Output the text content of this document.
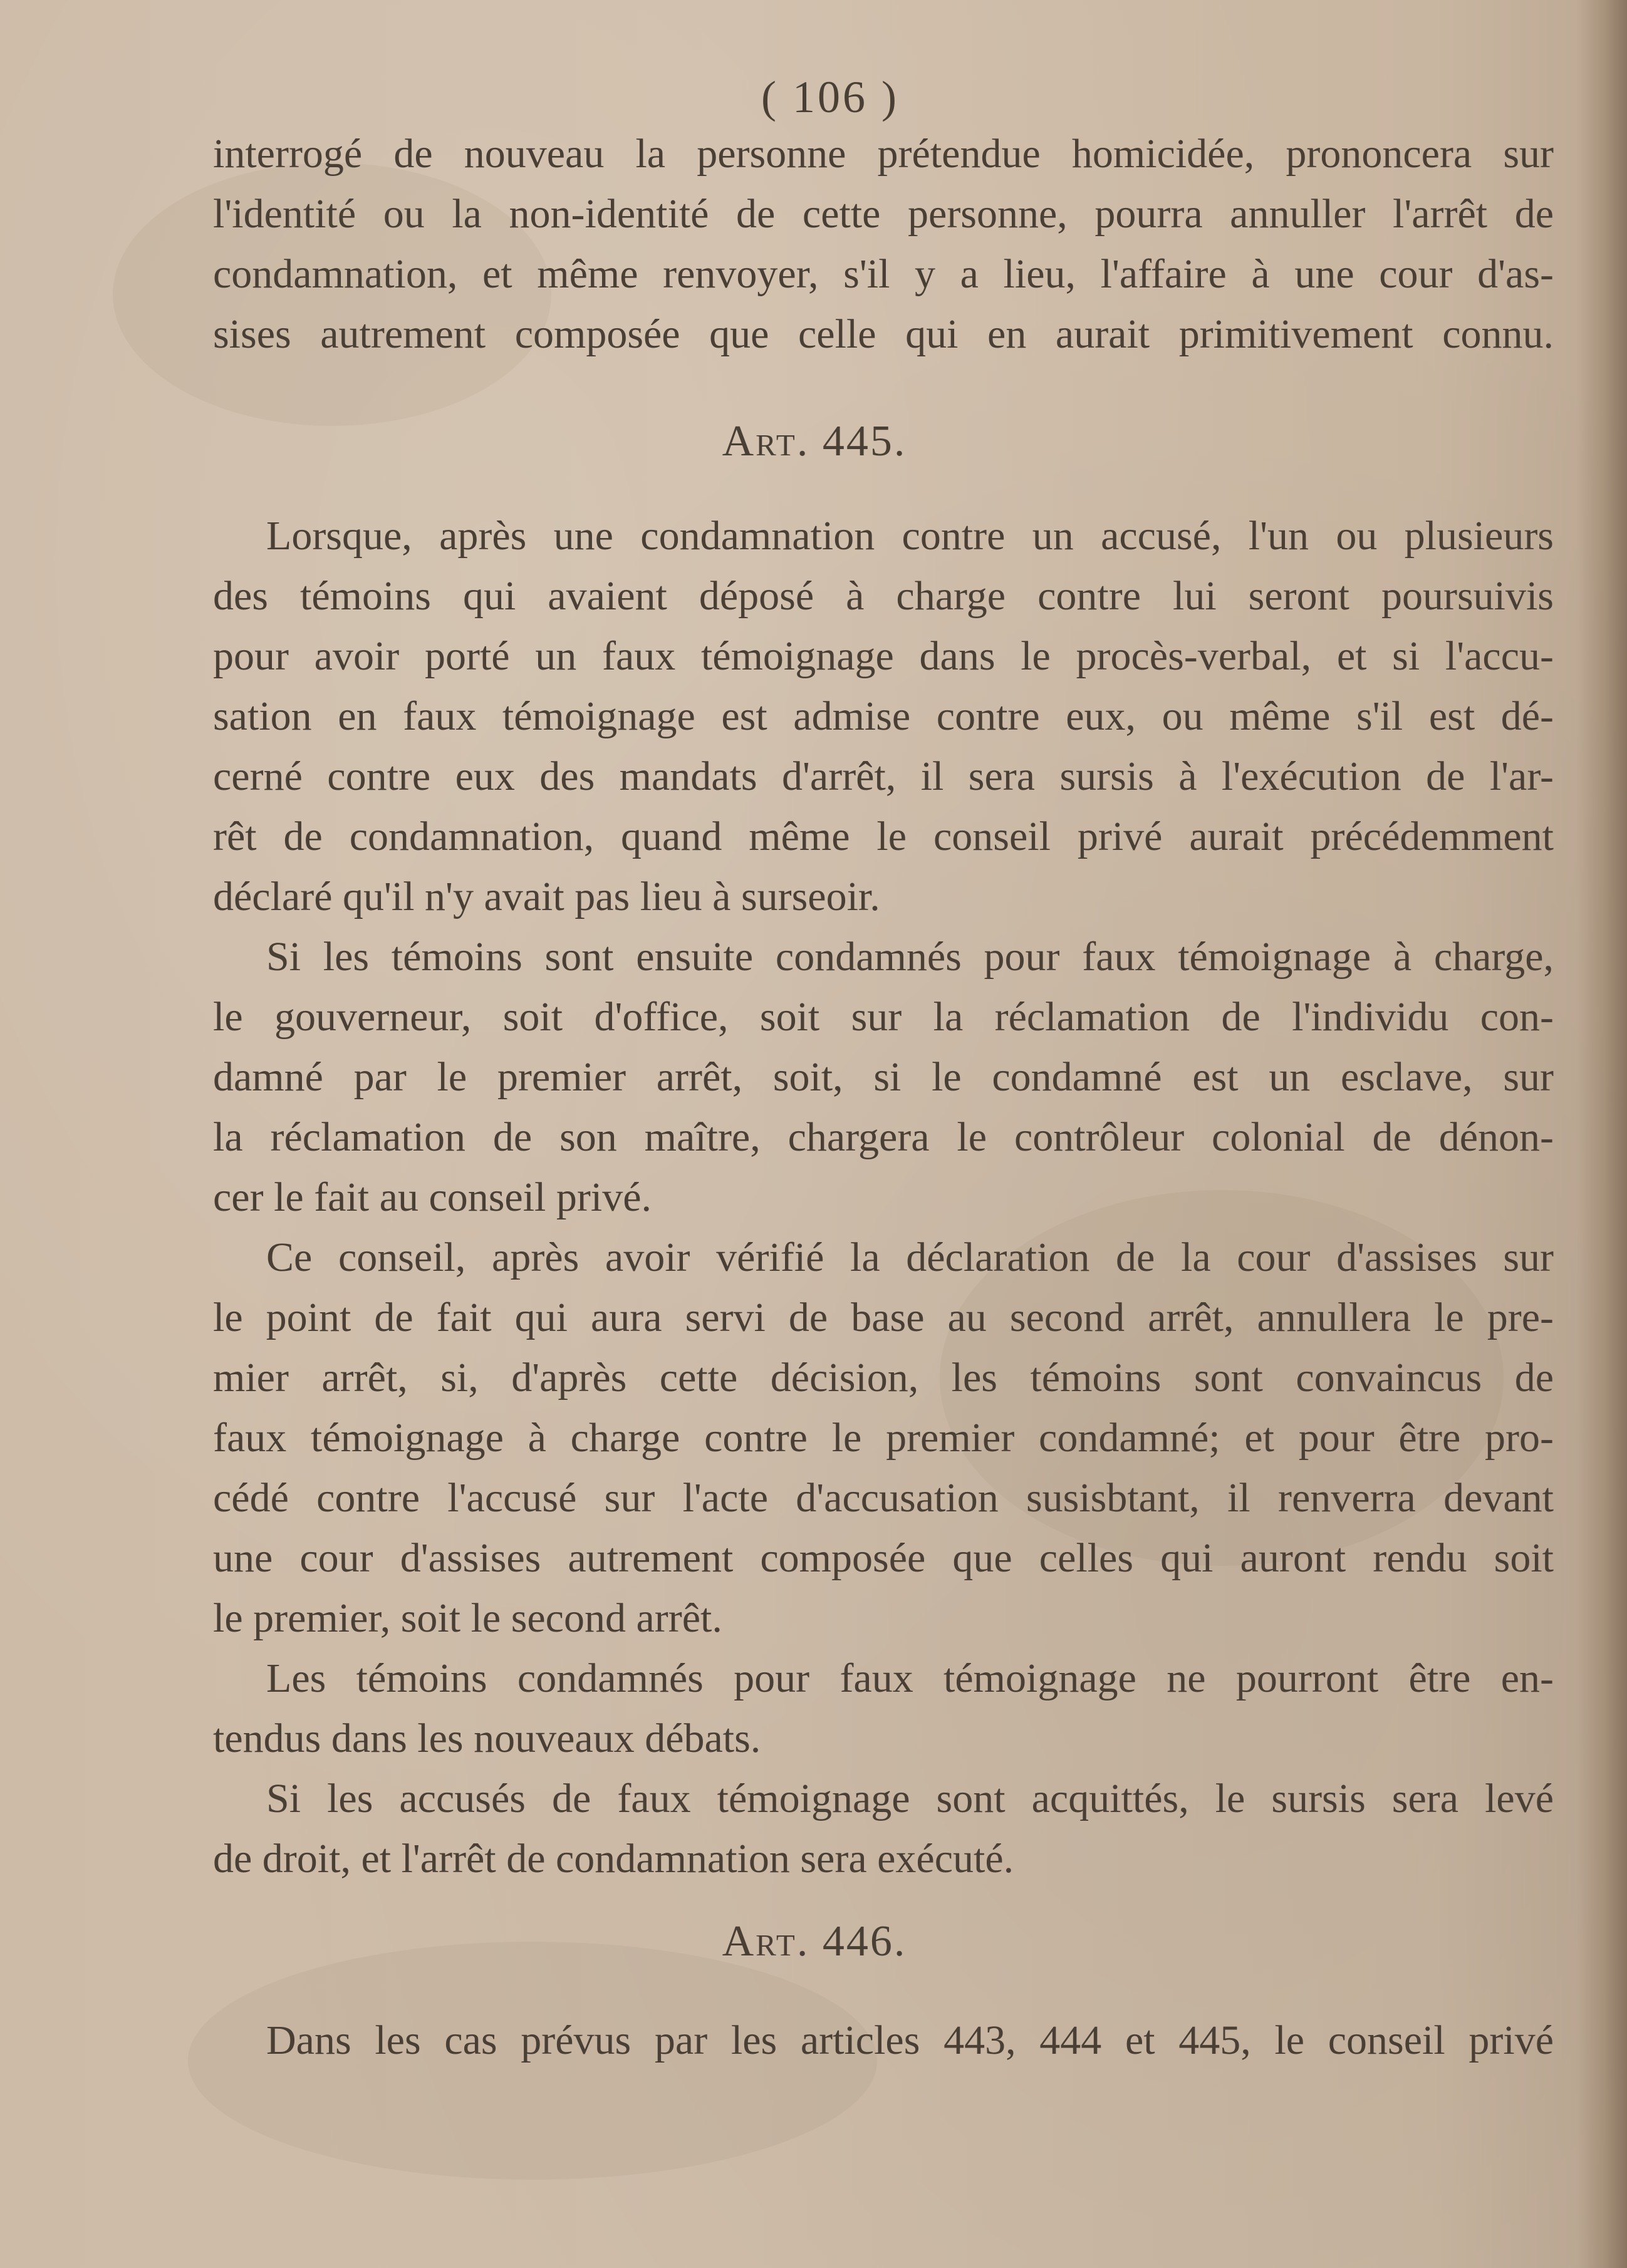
( 106 )
interrogé de nouveau la personne prétendue homicidée, prononcera sur
l'identité ou la non-identité de cette personne, pourra annuller l'arrêt de
condamnation, et même renvoyer, s'il y a lieu, l'affaire à une cour d'as-
sises autrement composée que celle qui en aurait primitivement connu.
Art. 445.
Lorsque, après une condamnation contre un accusé, l'un ou plusieurs
des témoins qui avaient déposé à charge contre lui seront poursuivis
pour avoir porté un faux témoignage dans le procès-verbal, et si l'accu-
sation en faux témoignage est admise contre eux, ou même s'il est dé-
cerné contre eux des mandats d'arrêt, il sera sursis à l'exécution de l'ar-
rêt de condamnation, quand même le conseil privé aurait précédemment
déclaré qu'il n'y avait pas lieu à surseoir.
Si les témoins sont ensuite condamnés pour faux témoignage à charge,
le gouverneur, soit d'office, soit sur la réclamation de l'individu con-
damné par le premier arrêt, soit, si le condamné est un esclave, sur
la réclamation de son maître, chargera le contrôleur colonial de dénon-
cer le fait au conseil privé.
Ce conseil, après avoir vérifié la déclaration de la cour d'assises sur
le point de fait qui aura servi de base au second arrêt, annullera le pre-
mier arrêt, si, d'après cette décision, les témoins sont convaincus de
faux témoignage à charge contre le premier condamné; et pour être pro-
cédé contre l'accusé sur l'acte d'accusation susisbtant, il renverra devant
une cour d'assises autrement composée que celles qui auront rendu soit
le premier, soit le second arrêt.
Les témoins condamnés pour faux témoignage ne pourront être en-
tendus dans les nouveaux débats.
Si les accusés de faux témoignage sont acquittés, le sursis sera levé
de droit, et l'arrêt de condamnation sera exécuté.
Art. 446.
Dans les cas prévus par les articles 443, 444 et 445, le conseil privé
